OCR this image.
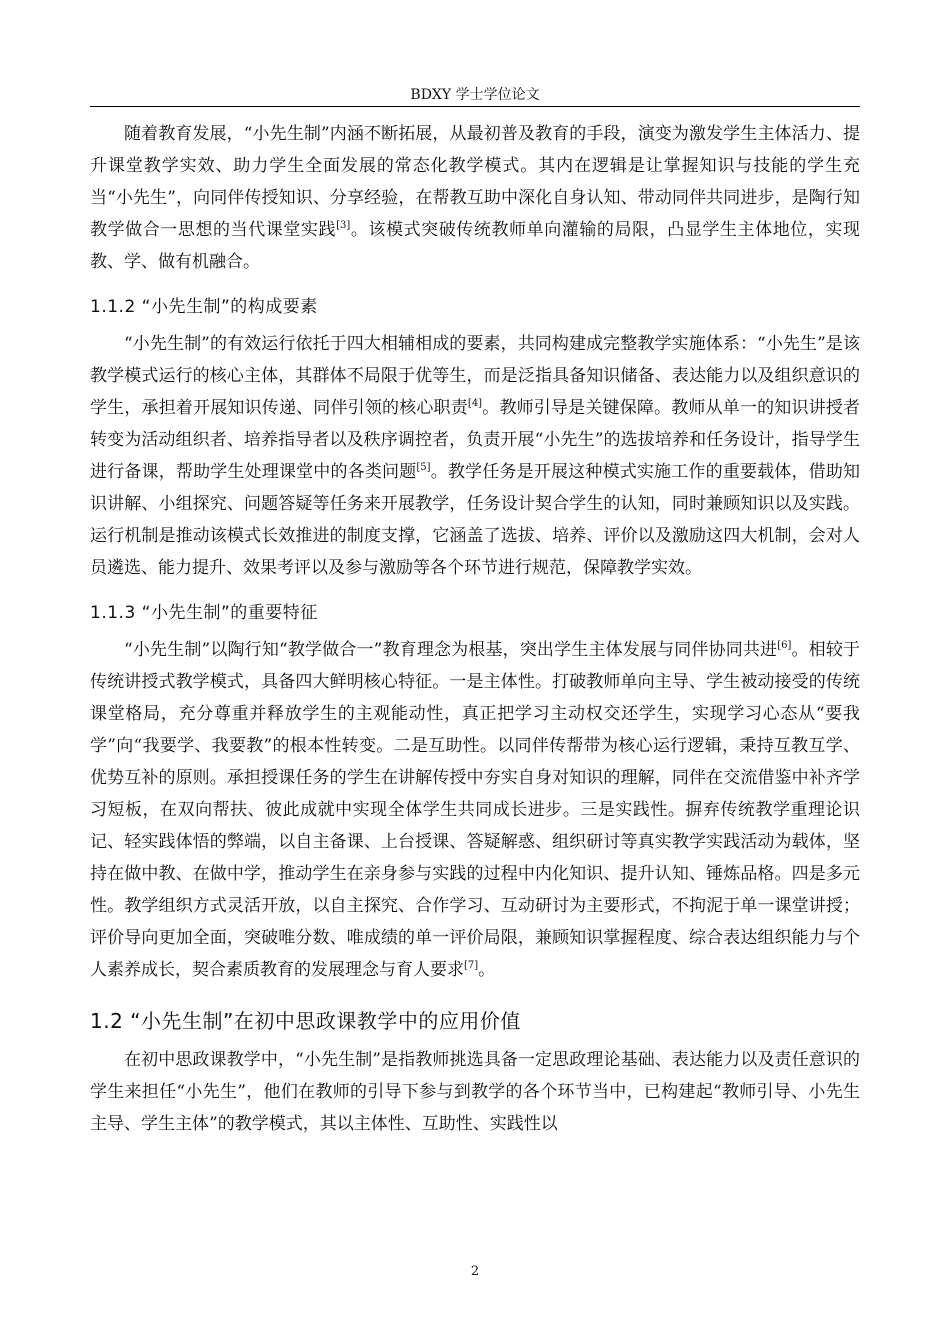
BDXY 学士学位论文

随着教育发展，“小先生制”内涵不断拓展，从最初普及教育的手段，演变为激发学生主体活力、提升课堂教学实效、助力学生全面发展的常态化教学模式。其内在逻辑是让掌握知识与技能的学生充当“小先生”，向同伴传授知识、分享经验，在帮教互助中深化自身认知、带动同伴共同进步，是陶行知教学做合一思想的当代课堂实践[3]。该模式突破传统教师单向灌输的局限，凸显学生主体地位，实现教、学、做有机融合。

1.1.2 “小先生制”的构成要素

“小先生制”的有效运行依托于四大相辅相成的要素，共同构建成完整教学实施体系：“小先生”是该教学模式运行的核心主体，其群体不局限于优等生，而是泛指具备知识储备、表达能力以及组织意识的学生，承担着开展知识传递、同伴引领的核心职责[4]。教师引导是关键保障。教师从单一的知识讲授者转变为活动组织者、培养指导者以及秩序调控者，负责开展“小先生”的选拔培养和任务设计，指导学生进行备课，帮助学生处理课堂中的各类问题[5]。教学任务是开展这种模式实施工作的重要载体，借助知识讲解、小组探究、问题答疑等任务来开展教学，任务设计契合学生的认知，同时兼顾知识以及实践。运行机制是推动该模式长效推进的制度支撑，它涵盖了选拔、培养、评价以及激励这四大机制，会对人员遴选、能力提升、效果考评以及参与激励等各个环节进行规范，保障教学实效。

1.1.3 “小先生制”的重要特征

“小先生制”以陶行知“教学做合一”教育理念为根基，突出学生主体发展与同伴协同共进[6]。相较于传统讲授式教学模式，具备四大鲜明核心特征。一是主体性。打破教师单向主导、学生被动接受的传统课堂格局，充分尊重并释放学生的主观能动性，真正把学习主动权交还学生，实现学习心态从“要我学”向“我要学、我要教”的根本性转变。二是互助性。以同伴传帮带为核心运行逻辑，秉持互教互学、优势互补的原则。承担授课任务的学生在讲解传授中夯实自身对知识的理解，同伴在交流借鉴中补齐学习短板，在双向帮扶、彼此成就中实现全体学生共同成长进步。三是实践性。摒弃传统教学重理论识记、轻实践体悟的弊端，以自主备课、上台授课、答疑解惑、组织研讨等真实教学实践活动为载体，坚持在做中教、在做中学，推动学生在亲身参与实践的过程中内化知识、提升认知、锤炼品格。四是多元性。教学组织方式灵活开放，以自主探究、合作学习、互动研讨为主要形式，不拘泥于单一课堂讲授；评价导向更加全面，突破唯分数、唯成绩的单一评价局限，兼顾知识掌握程度、综合表达组织能力与个人素养成长，契合素质教育的发展理念与育人要求[7]。

1.2 “小先生制”在初中思政课教学中的应用价值

在初中思政课教学中，“小先生制”是指教师挑选具备一定思政理论基础、表达能力以及责任意识的学生来担任“小先生”，他们在教师的引导下参与到教学的各个环节当中，已构建起“教师引导、小先生主导、学生主体”的教学模式，其以主体性、互助性、实践性以

2
